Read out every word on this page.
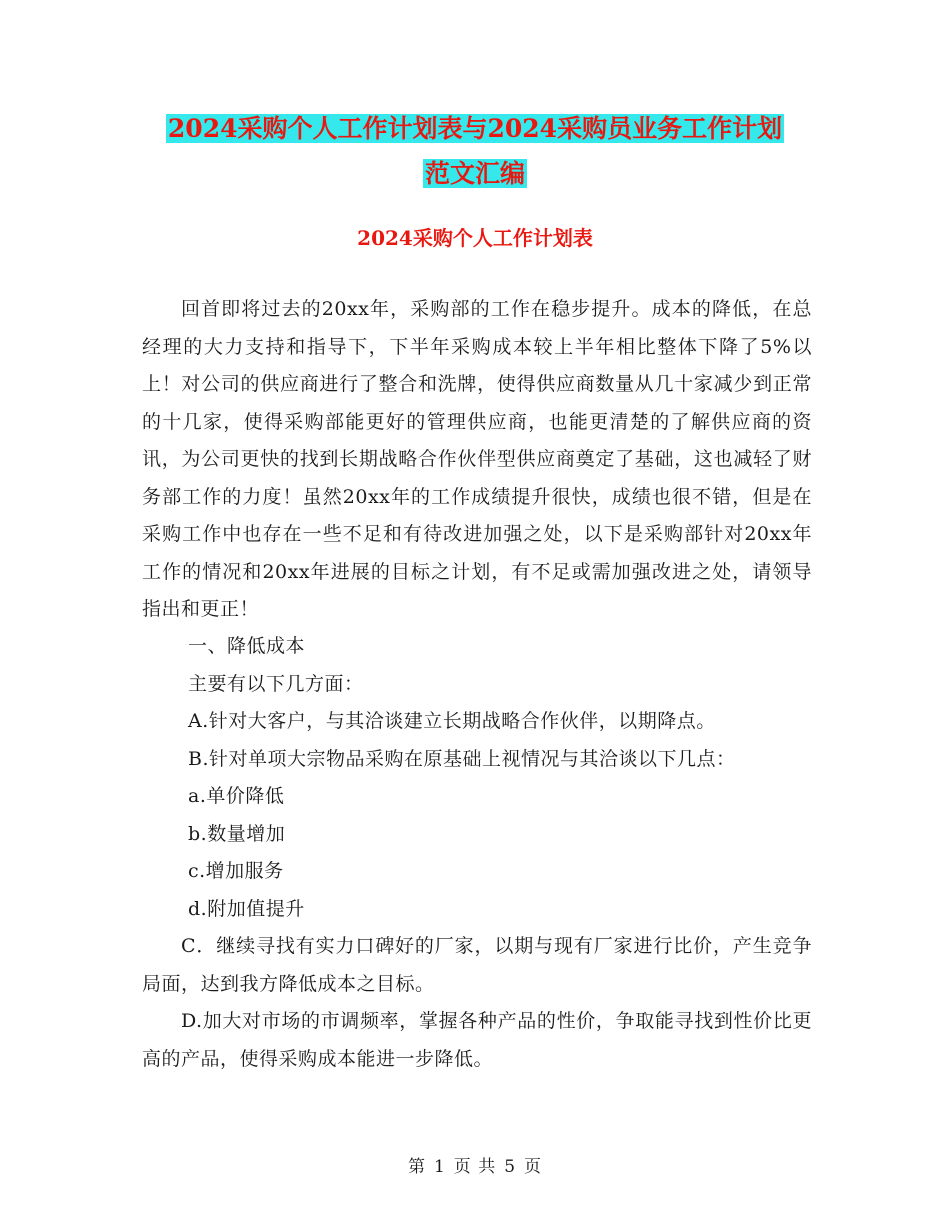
2024采购个人工作计划表与2024采购员业务工作计划
范文汇编
2024采购个人工作计划表

回首即将过去的20xx年，采购部的工作在稳步提升。成本的降低，在总经理的大力支持和指导下，下半年采购成本较上半年相比整体下降了5%以上！对公司的供应商进行了整合和洗牌，使得供应商数量从几十家减少到正常的十几家，使得采购部能更好的管理供应商，也能更清楚的了解供应商的资讯，为公司更快的找到长期战略合作伙伴型供应商奠定了基础，这也减轻了财务部工作的力度！虽然20xx年的工作成绩提升很快，成绩也很不错，但是在采购工作中也存在一些不足和有待改进加强之处，以下是采购部针对20xx年工作的情况和20xx年进展的目标之计划，有不足或需加强改进之处，请领导指出和更正！

一、降低成本

主要有以下几方面：

A.针对大客户，与其洽谈建立长期战略合作伙伴，以期降点。

B.针对单项大宗物品采购在原基础上视情况与其洽谈以下几点：

a.单价降低

b.数量增加

c.增加服务

d.附加值提升

C．继续寻找有实力口碑好的厂家，以期与现有厂家进行比价，产生竞争局面，达到我方降低成本之目标。

D.加大对市场的市调频率，掌握各种产品的性价，争取能寻找到性价比更高的产品，使得采购成本能进一步降低。

第 1 页 共 5 页
